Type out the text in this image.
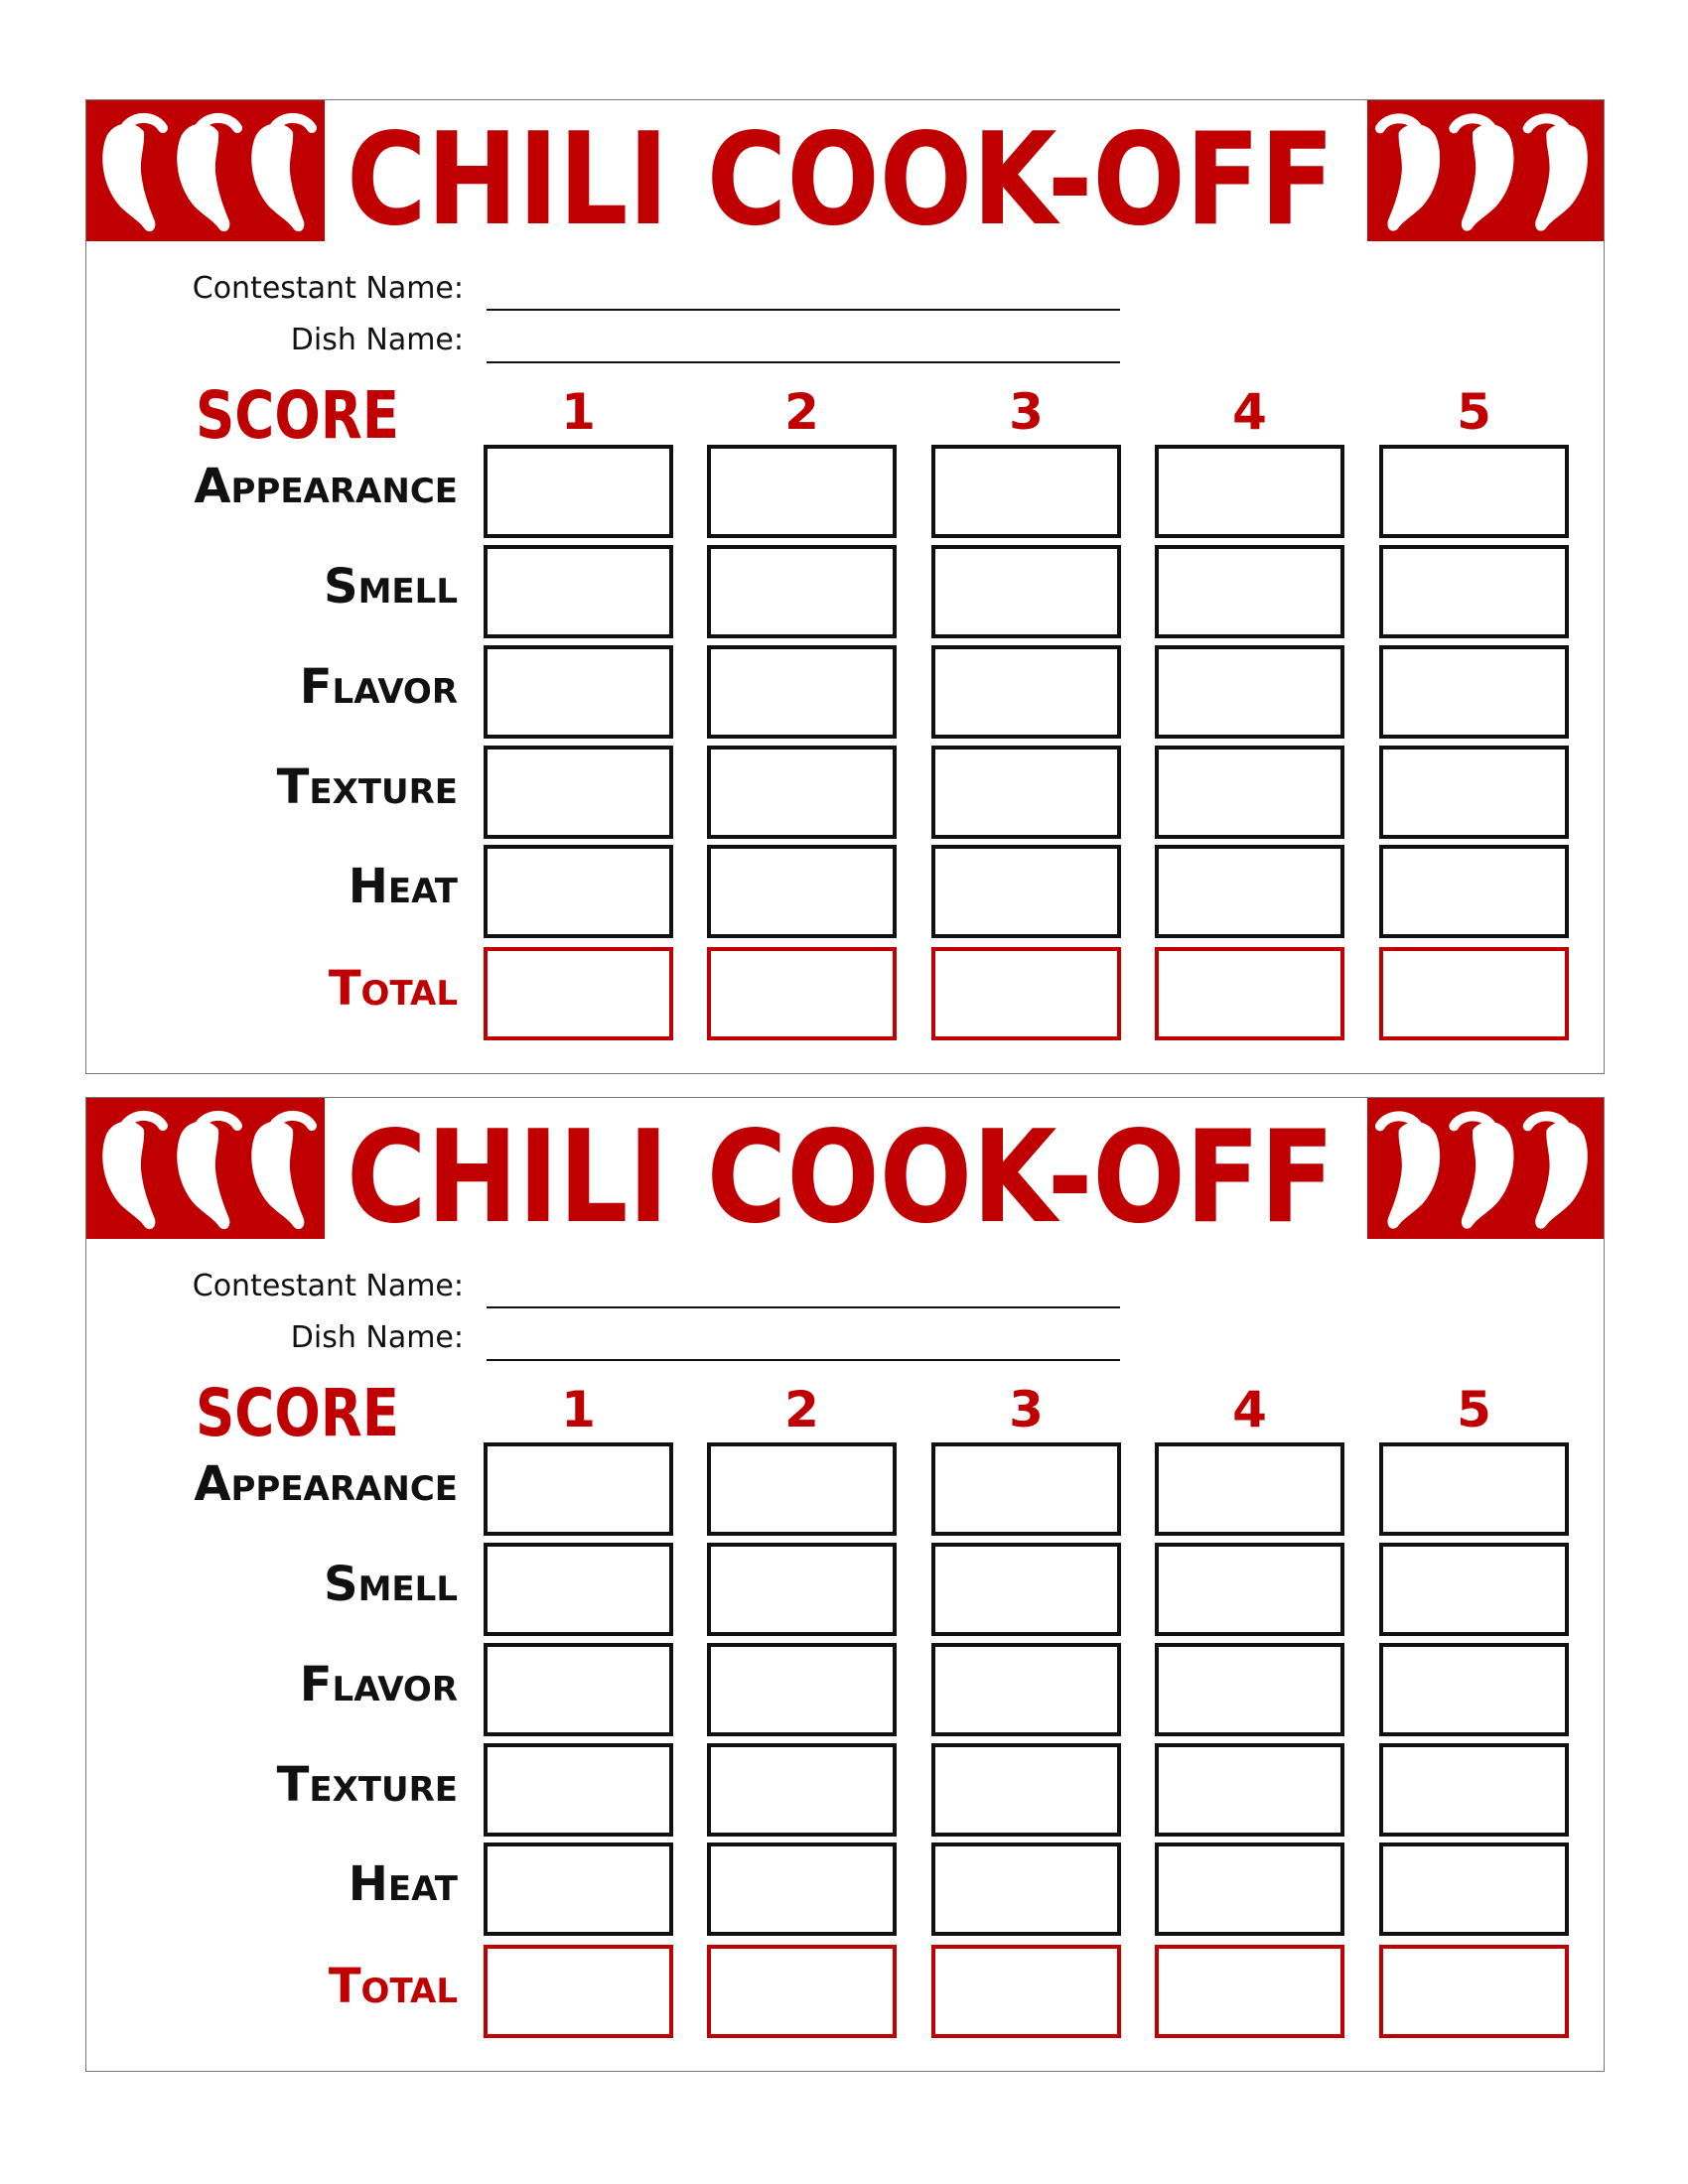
CHILI COOK-OFF
Contestant Name:
Dish Name:
SCORE	1	2	3	4	5
Appearance
Smell
Flavor
Texture
Heat
Total
CHILI COOK-OFF
Contestant Name:
Dish Name:
SCORE	1	2	3	4	5
Appearance
Smell
Flavor
Texture
Heat
Total
